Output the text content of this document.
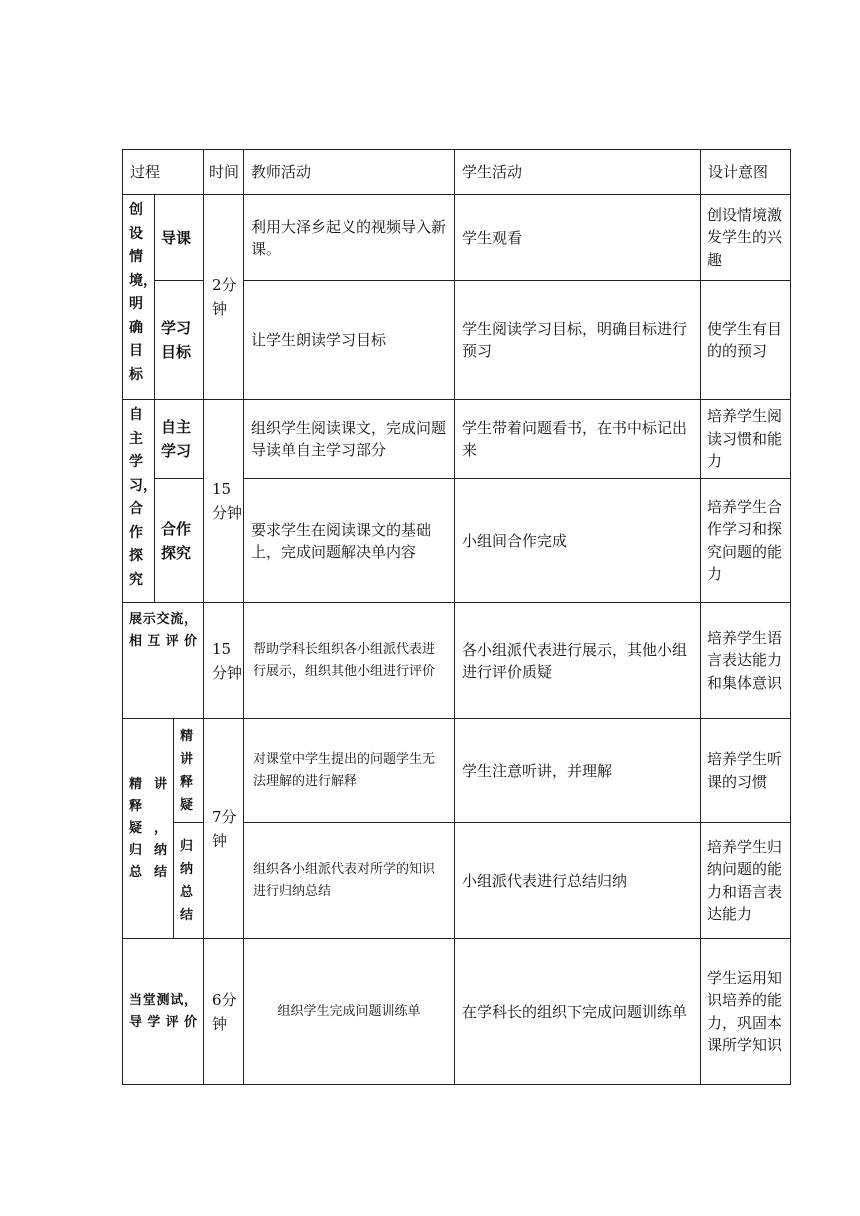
过程			时间	教师活动	学生活动	设计意图
创设情境，明确目标	导课		2分钟	利用大泽乡起义的视频导入新课。	学生观看	创设情境激发学生的兴趣
	学习目标			让学生朗读学习目标	学生阅读学习目标，明确目标进行预习	使学生有目的的预习
自主学习，合作探究	自主学习		15分钟	组织学生阅读课文，完成问题导读单自主学习部分	学生带着问题看书，在书中标记出来	培养学生阅读习惯和能力
	合作探究			要求学生在阅读课文的基础上，完成问题解决单内容	小组间合作完成	培养学生合作学习和探究问题的能力
展示交流，相互评价			15分钟	帮助学科长组织各小组派代表进行展示，组织其他小组进行评价	各小组派代表进行展示，其他小组进行评价质疑	培养学生语言表达能力和集体意识
精讲释疑，归纳总结		精讲释疑	7分钟	对课堂中学生提出的问题学生无法理解的进行解释	学生注意听讲，并理解	培养学生听课的习惯
		归纳总结		组织各小组派代表对所学的知识进行归纳总结	小组派代表进行总结归纳	培养学生归纳问题的能力和语言表达能力
当堂测试，导学评价			6分钟	组织学生完成问题训练单	在学科长的组织下完成问题训练单	学生运用知识培养的能力，巩固本课所学知识
